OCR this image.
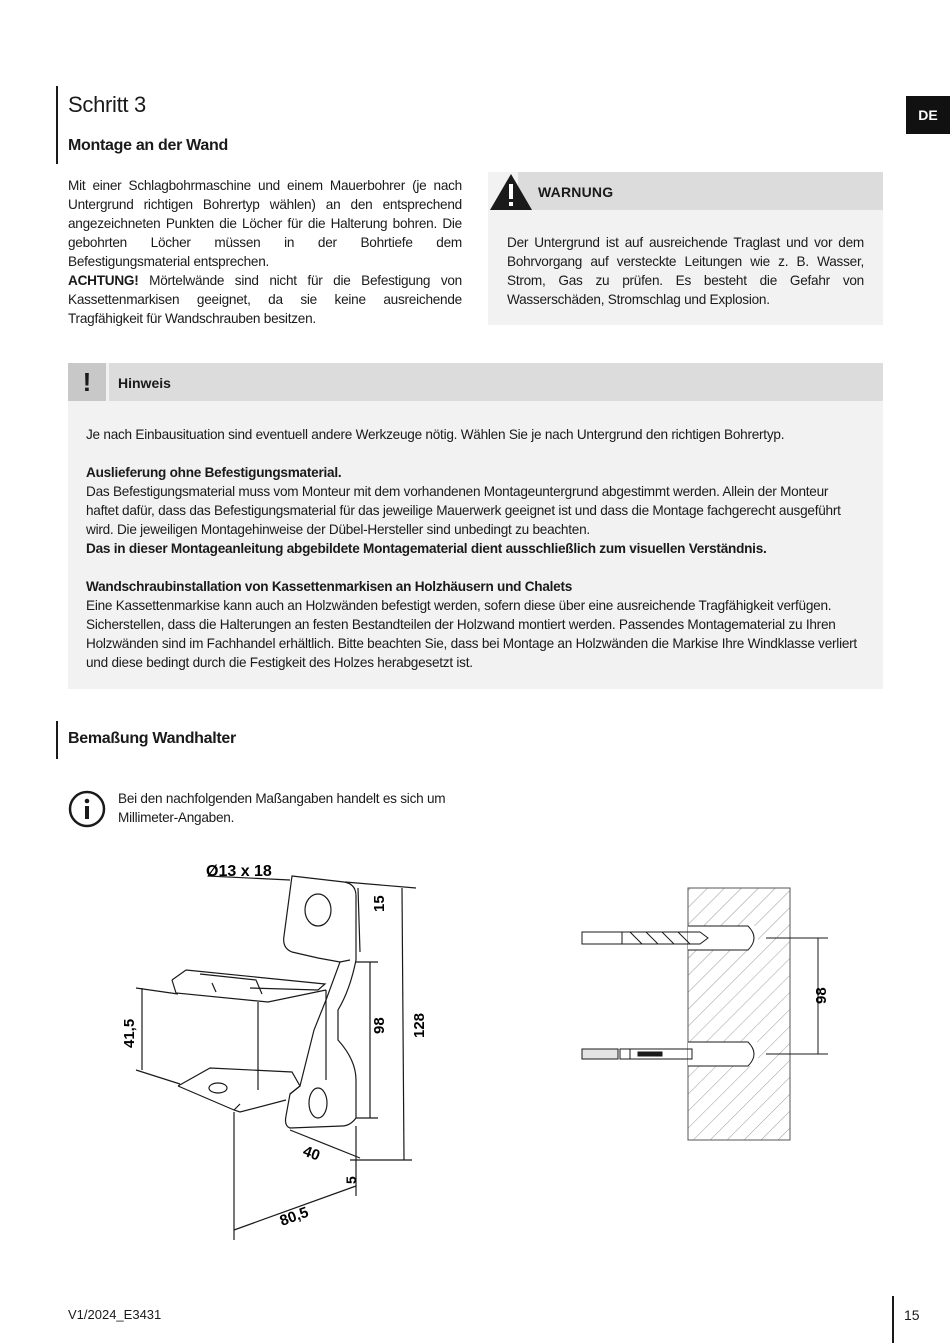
DE
Schritt 3
Montage an der Wand
Mit einer Schlagbohrmaschine und einem Mauerbohrer (je nach Untergrund richtigen Bohrertyp wählen) an den entsprechend angezeichneten Punkten die Löcher für die Halterung bohren. Die gebohrten Löcher müssen in der Bohrtiefe dem Befestigungsmaterial entsprechen.
ACHTUNG! Mörtelwände sind nicht für die Befestigung von Kassettenmarkisen geeignet, da sie keine ausreichende Tragfähigkeit für Wandschrauben besitzen.
WARNUNG
Der Untergrund ist auf ausreichende Traglast und vor dem Bohrvorgang auf versteckte Leitungen wie z. B. Wasser, Strom, Gas zu prüfen. Es besteht die Gefahr von Wasserschäden, Stromschlag und Explosion.
!	Hinweis

Je nach Einbausituation sind eventuell andere Werkzeuge nötig. Wählen Sie je nach Untergrund den richtigen Bohrertyp.

Auslieferung ohne Befestigungsmaterial.

Das Befestigungsmaterial muss vom Monteur mit dem vorhandenen Montageuntergrund abgestimmt werden. Allein der Monteur haftet dafür, dass das Befestigungsmaterial für das jeweilige Mauerwerk geeignet ist und dass die Montage fachgerecht ausgeführt wird. Die jeweiligen Montagehinweise der Dübel-Hersteller sind unbedingt zu beachten.

Das in dieser Montageanleitung abgebildete Montagematerial dient ausschließlich zum visuellen Verständnis.

Wandschraubinstallation von Kassettenmarkisen an Holzhäusern und Chalets

Eine Kassettenmarkise kann auch an Holzwänden befestigt werden, sofern diese über eine ausreichende Tragfähigkeit verfügen. Sicherstellen, dass die Halterungen an festen Bestandteilen der Holzwand montiert werden. Passendes Montagematerial zu Ihren Holzwänden sind im Fachhandel erhältlich. Bitte beachten Sie, dass bei Montage an Holzwänden die Markise Ihre Windklasse verliert und diese bedingt durch die Festigkeit des Holzes herabgesetzt ist.

Bemaßung Wandhalter
Bei den nachfolgenden Maßangaben handelt es sich um Millimeter-Angaben.
Ø13 x 18
15
98 128
41,5
40
5
80,5
98
V1/2024_E3431	15
